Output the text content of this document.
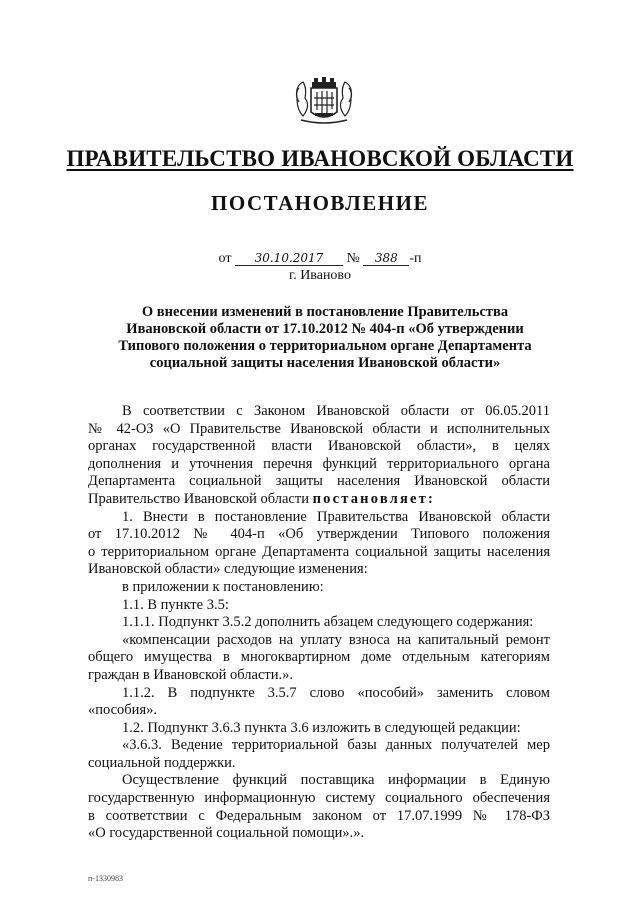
ПРАВИТЕЛЬСТВО ИВАНОВСКОЙ ОБЛАСТИ
ПОСТАНОВЛЕНИЕ
от 30.10.2017 № 388 -п
г. Иваново
О внесении изменений в постановление Правительства
Ивановской области от 17.10.2012 № 404-п «Об утверждении
Типового положения о территориальном органе Департамента
социальной защиты населения Ивановской области»
В соответствии с Законом Ивановской области от 06.05.2011
№ 42-ОЗ «О Правительстве Ивановской области и исполнительных
органах государственной власти Ивановской области», в целях
дополнения и уточнения перечня функций территориального органа
Департамента социальной защиты населения Ивановской области
Правительство Ивановской области постановляет:
1. Внести в постановление Правительства Ивановской области
от 17.10.2012 № 404-п «Об утверждении Типового положения
о территориальном органе Департамента социальной защиты населения
Ивановской области» следующие изменения:
в приложении к постановлению:
1.1. В пункте 3.5:
1.1.1. Подпункт 3.5.2 дополнить абзацем следующего содержания:
«компенсации расходов на уплату взноса на капитальный ремонт
общего имущества в многоквартирном доме отдельным категориям
граждан в Ивановской области.».
1.1.2. В подпункте 3.5.7 слово «пособий» заменить словом
«пособия».
1.2. Подпункт 3.6.3 пункта 3.6 изложить в следующей редакции:
«3.6.3. Ведение территориальной базы данных получателей мер
социальной поддержки.
Осуществление функций поставщика информации в Единую
государственную информационную систему социального обеспечения
в соответствии с Федеральным законом от 17.07.1999 № 178-ФЗ
«О государственной социальной помощи».».
п-1330983
